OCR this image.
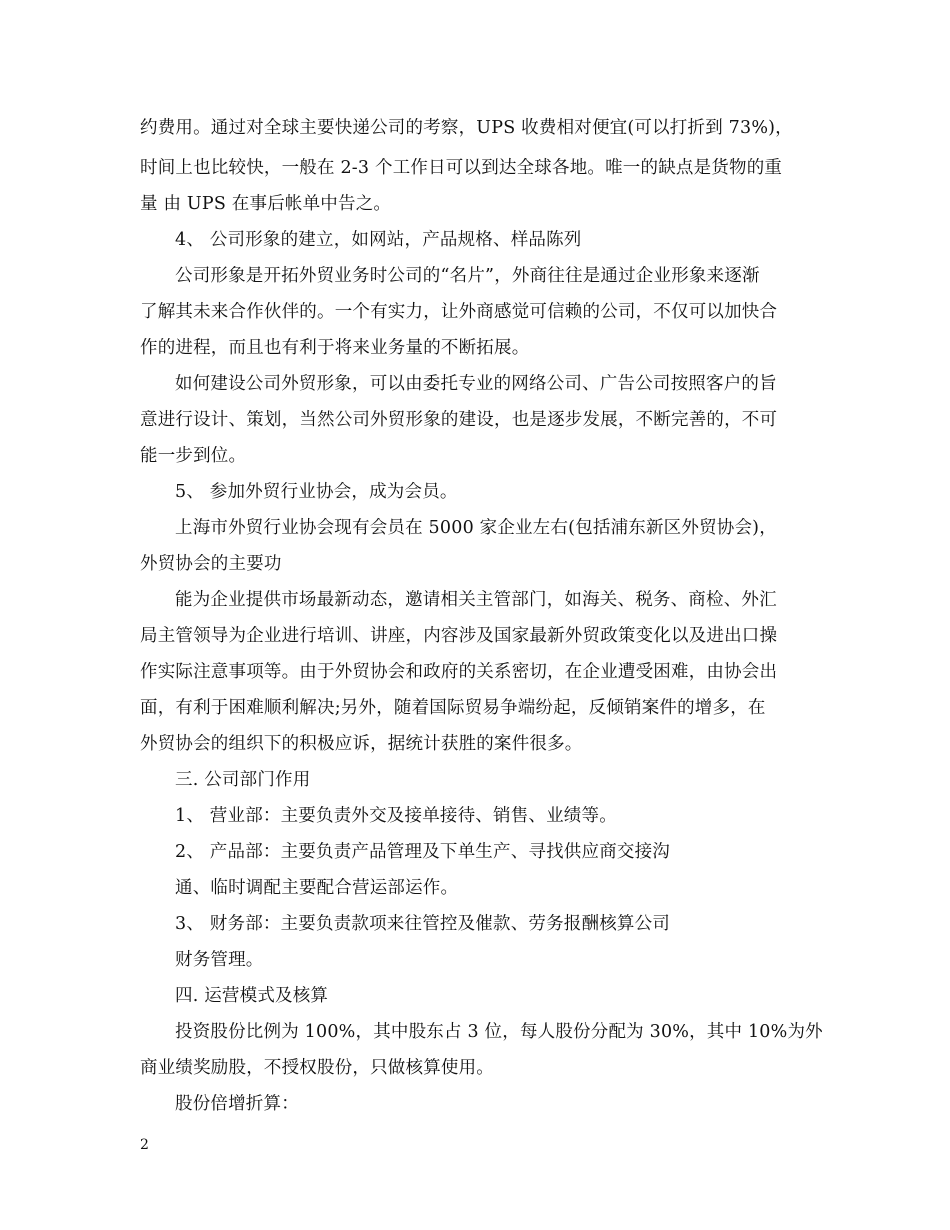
约费用。通过对全球主要快递公司的考察，UPS 收费相对便宜(可以打折到 73%)，
时间上也比较快，一般在 2-3 个工作日可以到达全球各地。唯一的缺点是货物的重
量 由 UPS 在事后帐单中告之。
4、 公司形象的建立，如网站，产品规格、样品陈列
公司形象是开拓外贸业务时公司的“名片”，外商往往是通过企业形象来逐渐
了解其未来合作伙伴的。一个有实力，让外商感觉可信赖的公司，不仅可以加快合
作的进程，而且也有利于将来业务量的不断拓展。
如何建设公司外贸形象，可以由委托专业的网络公司、广告公司按照客户的旨
意进行设计、策划，当然公司外贸形象的建设，也是逐步发展，不断完善的，不可
能一步到位。
5、 参加外贸行业协会，成为会员。
上海市外贸行业协会现有会员在 5000 家企业左右(包括浦东新区外贸协会)，
外贸协会的主要功
能为企业提供市场最新动态，邀请相关主管部门，如海关、税务、商检、外汇
局主管领导为企业进行培训、讲座，内容涉及国家最新外贸政策变化以及进出口操
作实际注意事项等。由于外贸协会和政府的关系密切，在企业遭受困难，由协会出
面，有利于困难顺利解决;另外，随着国际贸易争端纷起，反倾销案件的增多，在
外贸协会的组织下的积极应诉，据统计获胜的案件很多。
三. 公司部门作用
1、 营业部：主要负责外交及接单接待、销售、业绩等。
2、 产品部：主要负责产品管理及下单生产、寻找供应商交接沟
通、临时调配主要配合营运部运作。
3、 财务部：主要负责款项来往管控及催款、劳务报酬核算公司
财务管理。
四. 运营模式及核算
投资股份比例为 100%，其中股东占 3 位，每人股份分配为 30%，其中 10%为外
商业绩奖励股，不授权股份，只做核算使用。
股份倍增折算：
2
